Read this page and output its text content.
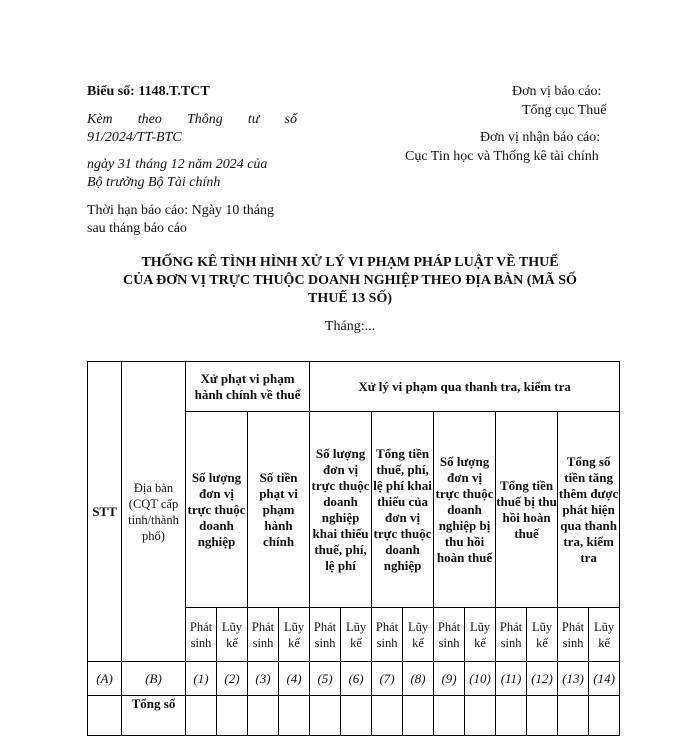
Biểu số: 1148.T.TCT
Kèm theo Thông tư số
91/2024/TT-BTC
ngày 31 tháng 12 năm 2024 của
Bộ trưởng Bộ Tài chính
Thời hạn báo cáo: Ngày 10 tháng
sau tháng báo cáo
Đơn vị báo cáo:
Tổng cục Thuế
Đơn vị nhận báo cáo:
Cục Tin học và Thống kê tài chính
THỐNG KÊ TÌNH HÌNH XỬ LÝ VI PHẠM PHÁP LUẬT VỀ THUẾ
CỦA ĐƠN VỊ TRỰC THUỘC DOANH NGHIỆP THEO ĐỊA BÀN (MÃ SỐ
THUẾ 13 SỐ)
Tháng:...
STT	Địa bàn (CQT cấp tỉnh/thành phố)	Xử phạt vi phạm hành chính về thuế				Xử lý vi phạm qua thanh tra, kiểm tra									
		Số lượng đơn vị trực thuộc doanh nghiệp		Số tiền phạt vi phạm hành chính		Số lượng đơn vị trực thuộc doanh nghiệp khai thiếu thuế, phí, lệ phí		Tổng tiền thuế, phí, lệ phí khai thiếu của đơn vị trực thuộc doanh nghiệp		Số lượng đơn vị trực thuộc doanh nghiệp bị thu hồi hoàn thuế		Tổng tiền thuế bị thu hồi hoàn thuế		Tổng số tiền tăng thêm được phát hiện qua thanh tra, kiểm tra	
		Phát sinh	Lũy kế	Phát sinh	Lũy kế	Phát sinh	Lũy kế	Phát sinh	Lũy kế	Phát sinh	Lũy kế	Phát sinh	Lũy kế	Phát sinh	Lũy kế
(A)	(B)	(1)	(2)	(3)	(4)	(5)	(6)	(7)	(8)	(9)	(10)	(11)	(12)	(13)	(14)
	Tổng số														
